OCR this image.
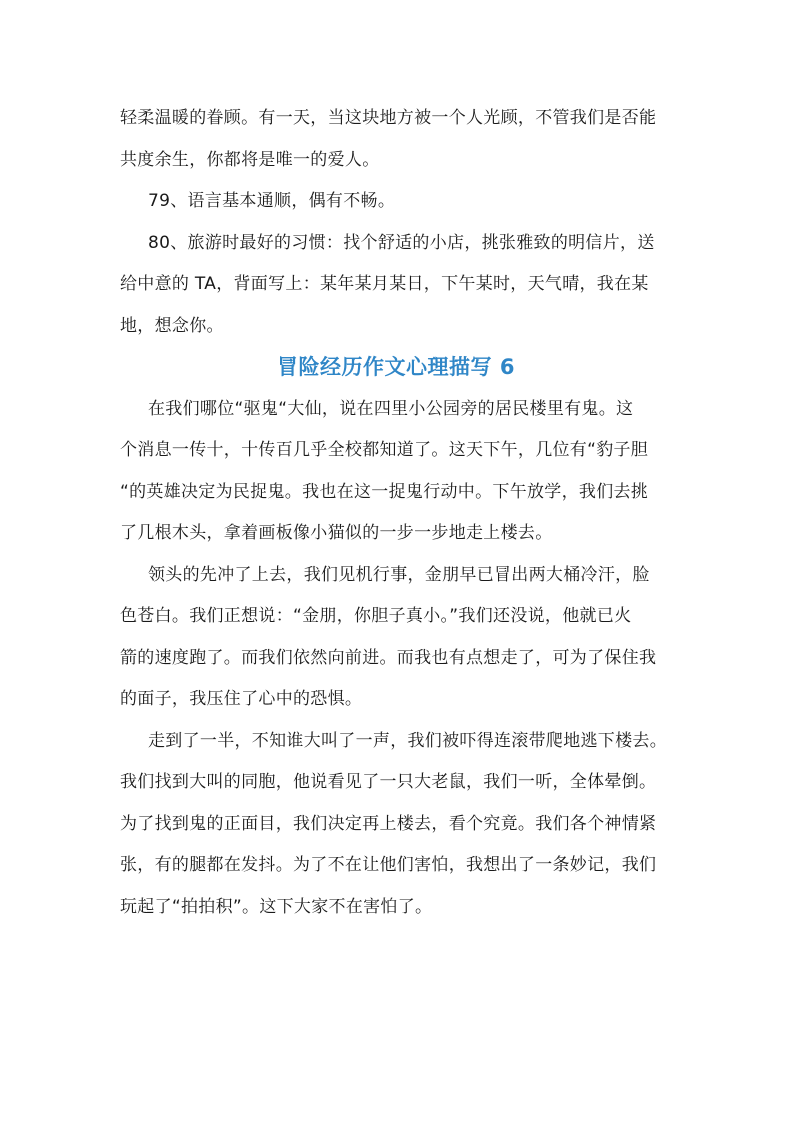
轻柔温暖的眷顾。有一天，当这块地方被一个人光顾，不管我们是否能
共度余生，你都将是唯一的爱人。

79、语言基本通顺，偶有不畅。

80、旅游时最好的习惯：找个舒适的小店，挑张雅致的明信片，送
给中意的 TA，背面写上：某年某月某日，下午某时，天气晴，我在某
地，想念你。

冒险经历作文心理描写 6

在我们哪位“驱鬼“大仙，说在四里小公园旁的居民楼里有鬼。这
个消息一传十，十传百几乎全校都知道了。这天下午，几位有“豹子胆
“的英雄决定为民捉鬼。我也在这一捉鬼行动中。下午放学，我们去挑
了几根木头，拿着画板像小猫似的一步一步地走上楼去。

领头的先冲了上去，我们见机行事，金朋早已冒出两大桶冷汗，脸
色苍白。我们正想说：“金朋，你胆子真小。”我们还没说，他就已火
箭的速度跑了。而我们依然向前进。而我也有点想走了，可为了保住我
的面子，我压住了心中的恐惧。

走到了一半，不知谁大叫了一声，我们被吓得连滚带爬地逃下楼去。
我们找到大叫的同胞，他说看见了一只大老鼠，我们一听，全体晕倒。
为了找到鬼的正面目，我们决定再上楼去，看个究竟。我们各个神情紧
张，有的腿都在发抖。为了不在让他们害怕，我想出了一条妙记，我们
玩起了“拍拍积”。这下大家不在害怕了。
